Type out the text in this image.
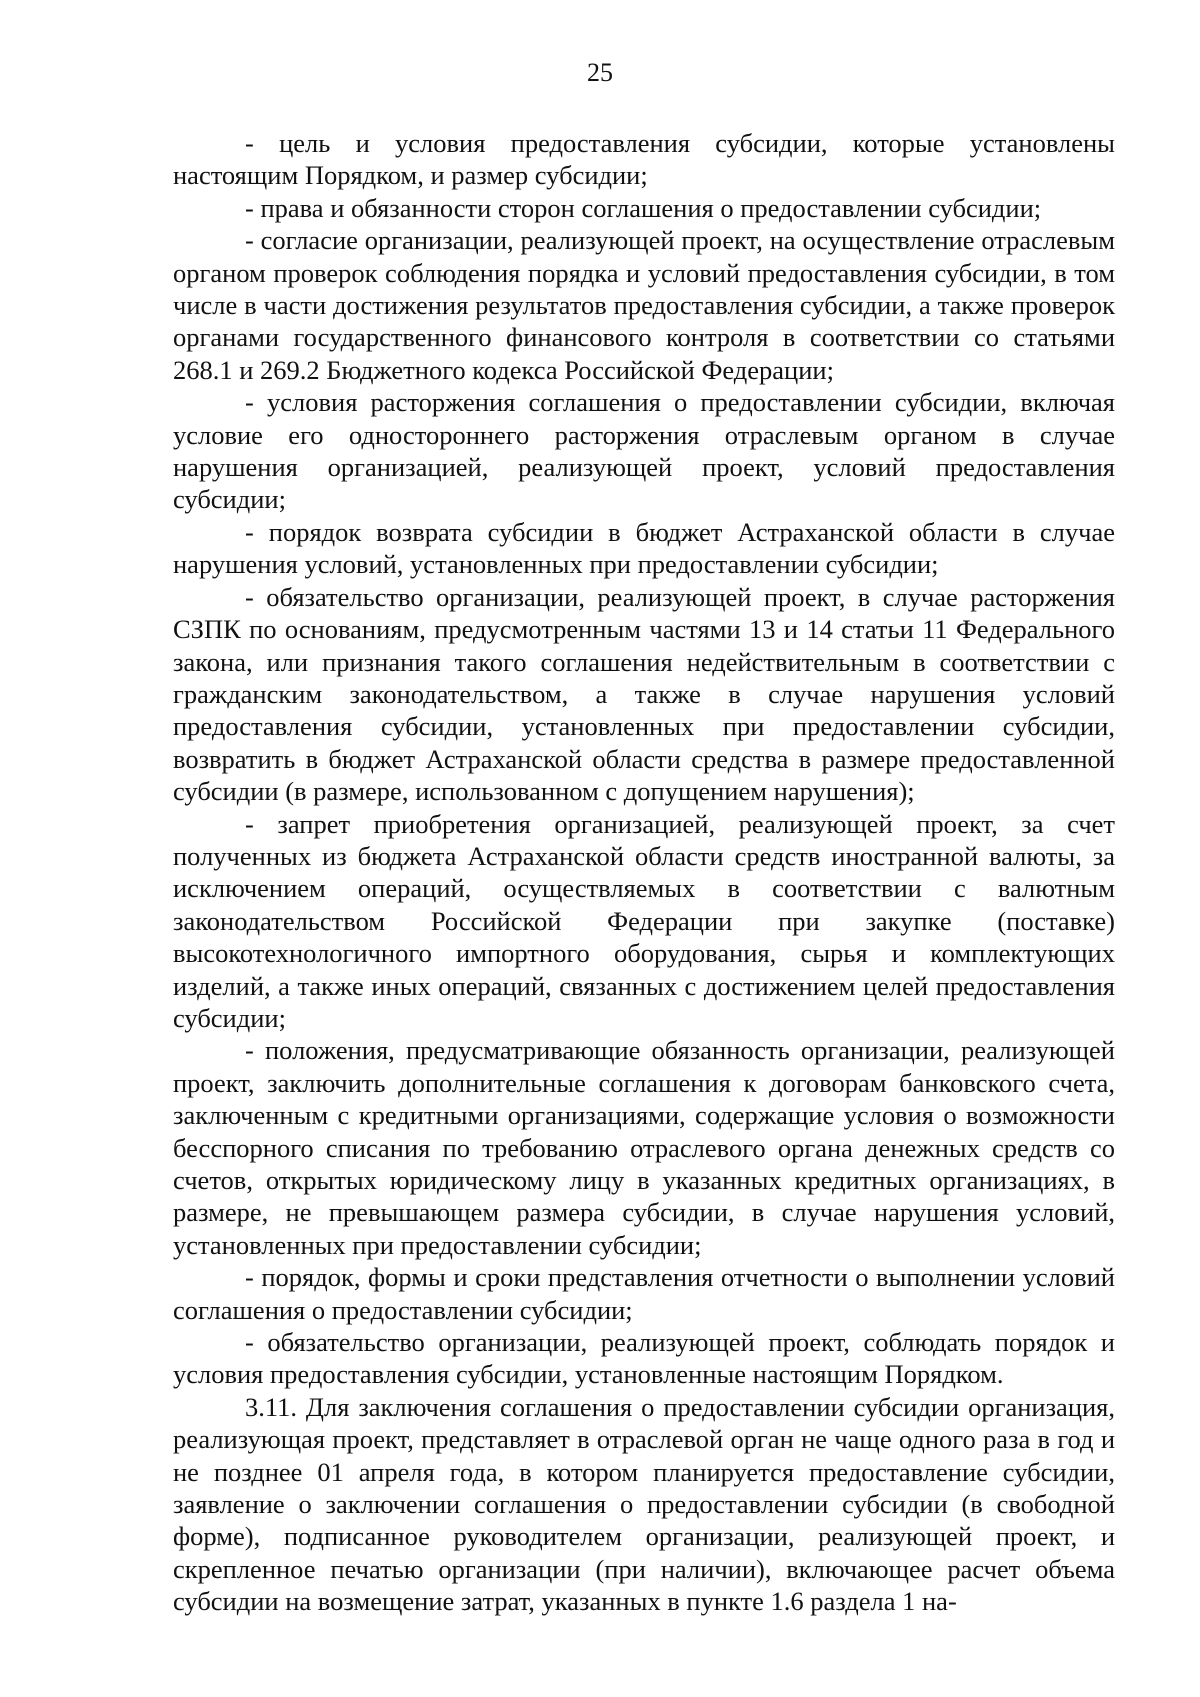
25

- цель и условия предоставления субсидии, которые установлены настоящим Порядком, и размер субсидии;

- права и обязанности сторон соглашения о предоставлении субсидии;

- согласие организации, реализующей проект, на осуществление отраслевым органом проверок соблюдения порядка и условий предоставления субсидии, в том числе в части достижения результатов предоставления субсидии, а также проверок органами государственного финансового контроля в соответствии со статьями 268.1 и 269.2 Бюджетного кодекса Российской Федерации;

- условия расторжения соглашения о предоставлении субсидии, включая условие его одностороннего расторжения отраслевым органом в случае нарушения организацией, реализующей проект, условий предоставления субсидии;

- порядок возврата субсидии в бюджет Астраханской области в случае нарушения условий, установленных при предоставлении субсидии;

- обязательство организации, реализующей проект, в случае расторжения СЗПК по основаниям, предусмотренным частями 13 и 14 статьи 11 Федерального закона, или признания такого соглашения недействительным в соответствии с гражданским законодательством, а также в случае нарушения условий предоставления субсидии, установленных при предоставлении субсидии, возвратить в бюджет Астраханской области средства в размере предоставленной субсидии (в размере, использованном с допущением нарушения);

- запрет приобретения организацией, реализующей проект, за счет полученных из бюджета Астраханской области средств иностранной валюты, за исключением операций, осуществляемых в соответствии с валютным законодательством Российской Федерации при закупке (поставке) высокотехнологичного импортного оборудования, сырья и комплектующих изделий, а также иных операций, связанных с достижением целей предоставления субсидии;

- положения, предусматривающие обязанность организации, реализующей проект, заключить дополнительные соглашения к договорам банковского счета, заключенным с кредитными организациями, содержащие условия о возможности бесспорного списания по требованию отраслевого органа денежных средств со счетов, открытых юридическому лицу в указанных кредитных организациях, в размере, не превышающем размера субсидии, в случае нарушения условий, установленных при предоставлении субсидии;

- порядок, формы и сроки представления отчетности о выполнении условий соглашения о предоставлении субсидии;

- обязательство организации, реализующей проект, соблюдать порядок и условия предоставления субсидии, установленные настоящим Порядком.

3.11. Для заключения соглашения о предоставлении субсидии организация, реализующая проект, представляет в отраслевой орган не чаще одного раза в год и не позднее 01 апреля года, в котором планируется предоставление субсидии, заявление о заключении соглашения о предоставлении субсидии (в свободной форме), подписанное руководителем организации, реализующей проект, и скрепленное печатью организации (при наличии), включающее расчет объема субсидии на возмещение затрат, указанных в пункте 1.6 раздела 1 на-
